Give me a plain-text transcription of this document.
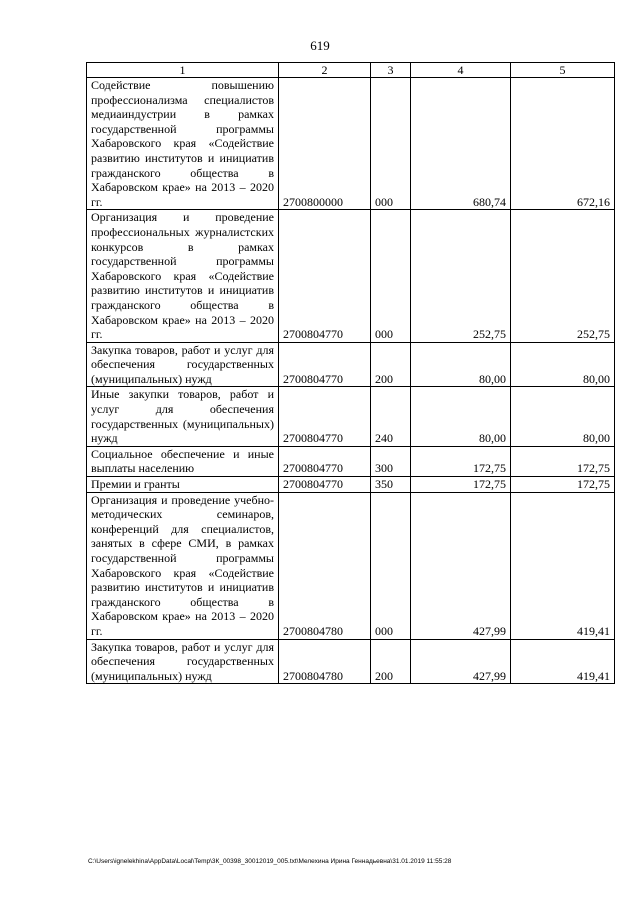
619
1	2	3	4	5
Содействие повышению профессионализма специалистов медиаиндустрии в рамках государственной программы Хабаровского края «Содействие развитию институтов и инициатив гражданского общества в Хабаровском крае» на 2013 – 2020 гг.	2700800000	000	680,74	672,16
Организация и проведение профессиональных журналистских конкурсов в рамках государственной программы Хабаровского края «Содействие развитию институтов и инициатив гражданского общества в Хабаровском крае» на 2013 – 2020 гг.	2700804770	000	252,75	252,75
Закупка товаров, работ и услуг для обеспечения государственных (муниципальных) нужд	2700804770	200	80,00	80,00
Иные закупки товаров, работ и услуг для обеспечения государственных (муниципальных) нужд	2700804770	240	80,00	80,00
Социальное обеспечение и иные выплаты населению	2700804770	300	172,75	172,75
Премии и гранты	2700804770	350	172,75	172,75
Организация и проведение учебно-методических семинаров, конференций для специалистов, занятых в сфере СМИ, в рамках государственной программы Хабаровского края «Содействие развитию институтов и инициатив гражданского общества в Хабаровском крае» на 2013 – 2020 гг.	2700804780	000	427,99	419,41
Закупка товаров, работ и услуг для обеспечения государственных (муниципальных) нужд	2700804780	200	427,99	419,41
C:\Users\ignelekhina\AppData\Local\Temp\3К_00398_30012019_005.txt\Мелехина Ирина Геннадьевна\31.01.2019 11:55:28
